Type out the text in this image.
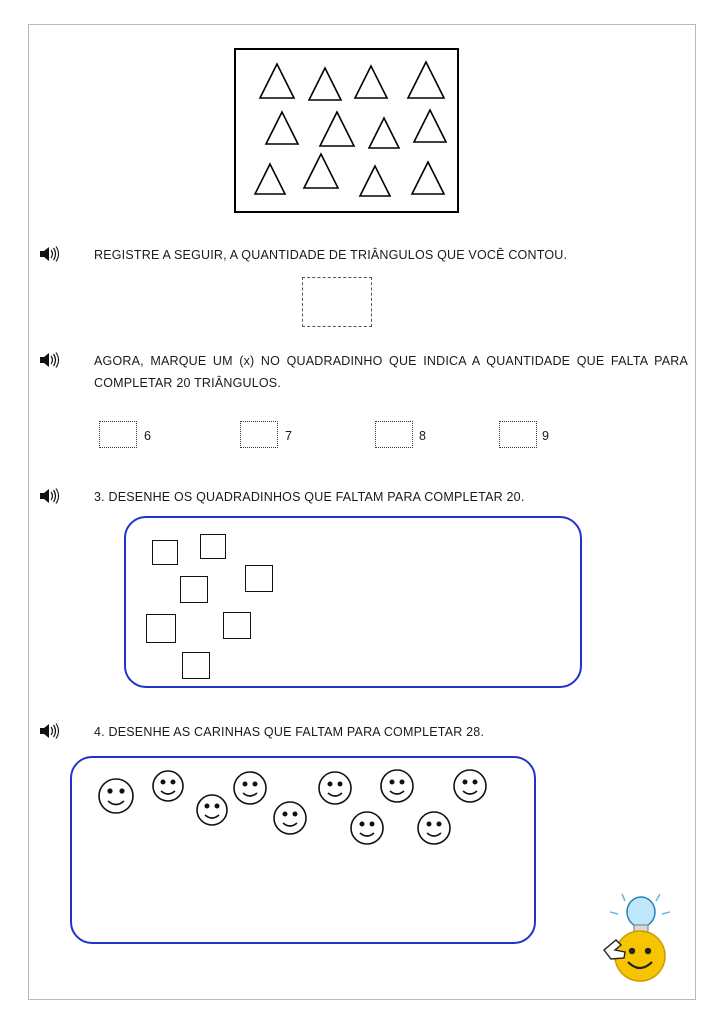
REGISTRE A SEGUIR, A QUANTIDADE DE TRIÂNGULOS QUE VOCÊ CONTOU.
AGORA, MARQUE UM (x) NO QUADRADINHO QUE INDICA A QUANTIDADE QUE FALTA PARA COMPLETAR 20 TRIÂNGULOS.
6	7	8	9
3. DESENHE OS QUADRADINHOS QUE FALTAM PARA COMPLETAR 20.
4. DESENHE AS CARINHAS QUE FALTAM PARA COMPLETAR 28.
